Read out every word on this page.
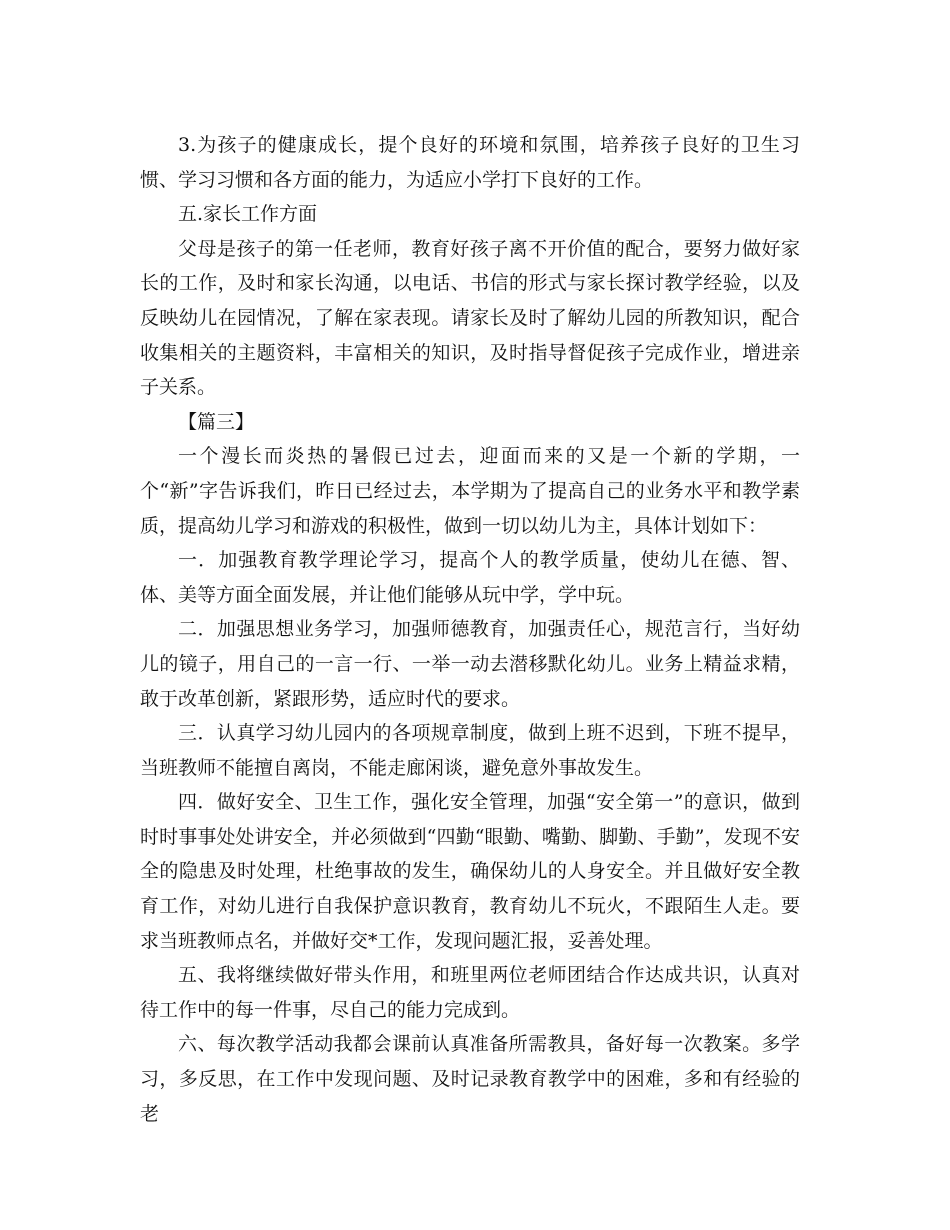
3.为孩子的健康成长，提个良好的环境和氛围，培养孩子良好的卫生习惯、学习习惯和各方面的能力，为适应小学打下良好的工作。

五.家长工作方面

父母是孩子的第一任老师，教育好孩子离不开价值的配合，要努力做好家长的工作，及时和家长沟通，以电话、书信的形式与家长探讨教学经验，以及反映幼儿在园情况，了解在家表现。请家长及时了解幼儿园的所教知识，配合收集相关的主题资料，丰富相关的知识，及时指导督促孩子完成作业，增进亲子关系。

【篇三】

一个漫长而炎热的暑假已过去，迎面而来的又是一个新的学期，一个“新”字告诉我们，昨日已经过去，本学期为了提高自己的业务水平和教学素质，提高幼儿学习和游戏的积极性，做到一切以幼儿为主，具体计划如下：

一．加强教育教学理论学习，提高个人的教学质量，使幼儿在德、智、体、美等方面全面发展，并让他们能够从玩中学，学中玩。

二．加强思想业务学习，加强师德教育，加强责任心，规范言行，当好幼儿的镜子，用自己的一言一行、一举一动去潜移默化幼儿。业务上精益求精，敢于改革创新，紧跟形势，适应时代的要求。

三．认真学习幼儿园内的各项规章制度，做到上班不迟到，下班不提早，当班教师不能擅自离岗，不能走廊闲谈，避免意外事故发生。

四．做好安全、卫生工作，强化安全管理，加强“安全第一”的意识，做到时时事事处处讲安全，并必须做到“四勤“眼勤、嘴勤、脚勤、手勤”，发现不安全的隐患及时处理，杜绝事故的发生，确保幼儿的人身安全。并且做好安全教育工作，对幼儿进行自我保护意识教育，教育幼儿不玩火，不跟陌生人走。要求当班教师点名，并做好交*工作，发现问题汇报，妥善处理。

五、我将继续做好带头作用，和班里两位老师团结合作达成共识，认真对待工作中的每一件事，尽自己的能力完成到。

六、每次教学活动我都会课前认真准备所需教具，备好每一次教案。多学习，多反思，在工作中发现问题、及时记录教育教学中的困难，多和有经验的老
